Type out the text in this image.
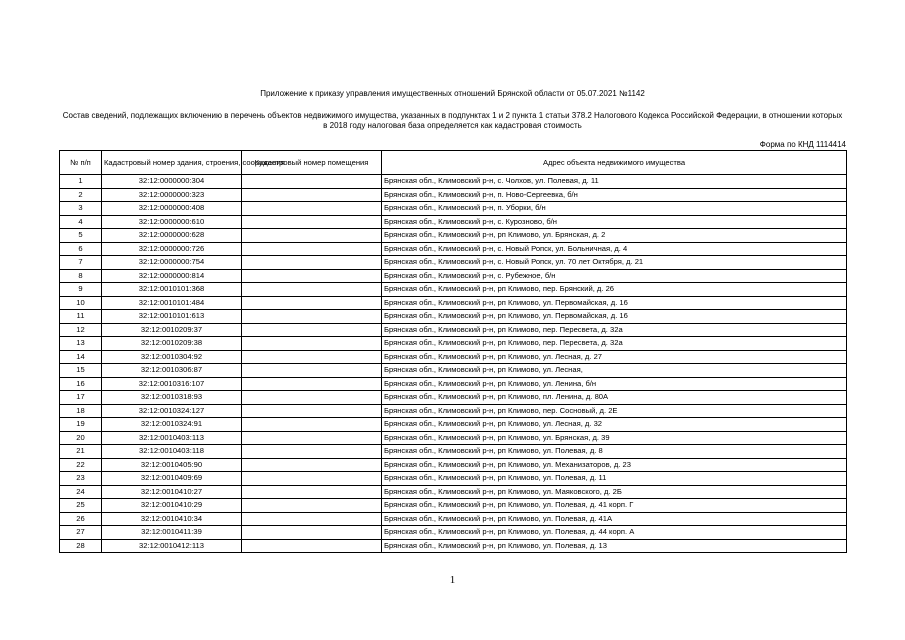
Приложение к приказу управления имущественных отношений Брянской области от 05.07.2021 №1142
Состав сведений, подлежащих включению в перечень объектов недвижимого имущества, указанных в подпунктах 1 и 2 пункта 1 статьи 378.2 Налогового Кодекса Российской Федерации, в отношении которых в 2018 году налоговая база определяется как кадастровая стоимость
Форма по КНД 1114414
№ п/п	Кадастровый номер здания, строения, сооружения	Кадастровый номер помещения	Адрес объекта недвижимого имущества
1	32:12:0000000:304		Брянская обл., Климовский р-н, с. Чолхов, ул. Полевая, д. 11
2	32:12:0000000:323		Брянская обл., Климовский р-н, п. Ново-Сергеевка, б/н
3	32:12:0000000:408		Брянская обл., Климовский р-н, п. Уборки, б/н
4	32:12:0000000:610		Брянская обл., Климовский р-н, с. Курозново, б/н
5	32:12:0000000:628		Брянская обл., Климовский р-н, рп Климово, ул. Брянская, д. 2
6	32:12:0000000:726		Брянская обл., Климовский р-н, с. Новый Ропск, ул. Больничная, д. 4
7	32:12:0000000:754		Брянская обл., Климовский р-н, с. Новый Ропск, ул. 70 лет Октября, д. 21
8	32:12:0000000:814		Брянская обл., Климовский р-н, с. Рубежное, б/н
9	32:12:0010101:368		Брянская обл., Климовский р-н, рп Климово, пер. Брянский, д. 26
10	32:12:0010101:484		Брянская обл., Климовский р-н, рп Климово, ул. Первомайская, д. 16
11	32:12:0010101:613		Брянская обл., Климовский р-н, рп Климово, ул. Первомайская, д. 16
12	32:12:0010209:37		Брянская обл., Климовский р-н, рп Климово, пер. Пересвета, д. 32а
13	32:12:0010209:38		Брянская обл., Климовский р-н, рп Климово, пер. Пересвета, д. 32а
14	32:12:0010304:92		Брянская обл., Климовский р-н, рп Климово, ул. Лесная, д. 27
15	32:12:0010306:87		Брянская обл., Климовский р-н, рп Климово, ул. Лесная,
16	32:12:0010316:107		Брянская обл., Климовский р-н, рп Климово, ул. Ленина, б/н
17	32:12:0010318:93		Брянская обл., Климовский р-н, рп Климово, пл. Ленина, д. 80А
18	32:12:0010324:127		Брянская обл., Климовский р-н, рп Климово, пер. Сосновый, д. 2Е
19	32:12:0010324:91		Брянская обл., Климовский р-н, рп Климово, ул. Лесная, д. 32
20	32:12:0010403:113		Брянская обл., Климовский р-н, рп Климово, ул. Брянская, д. 39
21	32:12:0010403:118		Брянская обл., Климовский р-н, рп Климово, ул. Полевая, д. 8
22	32:12:0010405:90		Брянская обл., Климовский р-н, рп Климово, ул. Механизаторов, д. 23
23	32:12:0010409:69		Брянская обл., Климовский р-н, рп Климово, ул. Полевая, д. 11
24	32:12:0010410:27		Брянская обл., Климовский р-н, рп Климово, ул. Маяковского, д. 2Б
25	32:12:0010410:29		Брянская обл., Климовский р-н, рп Климово, ул. Полевая, д. 41 корп. Г
26	32:12:0010410:34		Брянская обл., Климовский р-н, рп Климово, ул. Полевая, д. 41А
27	32:12:0010411:39		Брянская обл., Климовский р-н, рп Климово, ул. Полевая, д. 44 корп. А
28	32:12:0010412:113		Брянская обл., Климовский р-н, рп Климово, ул. Полевая, д. 13
1
